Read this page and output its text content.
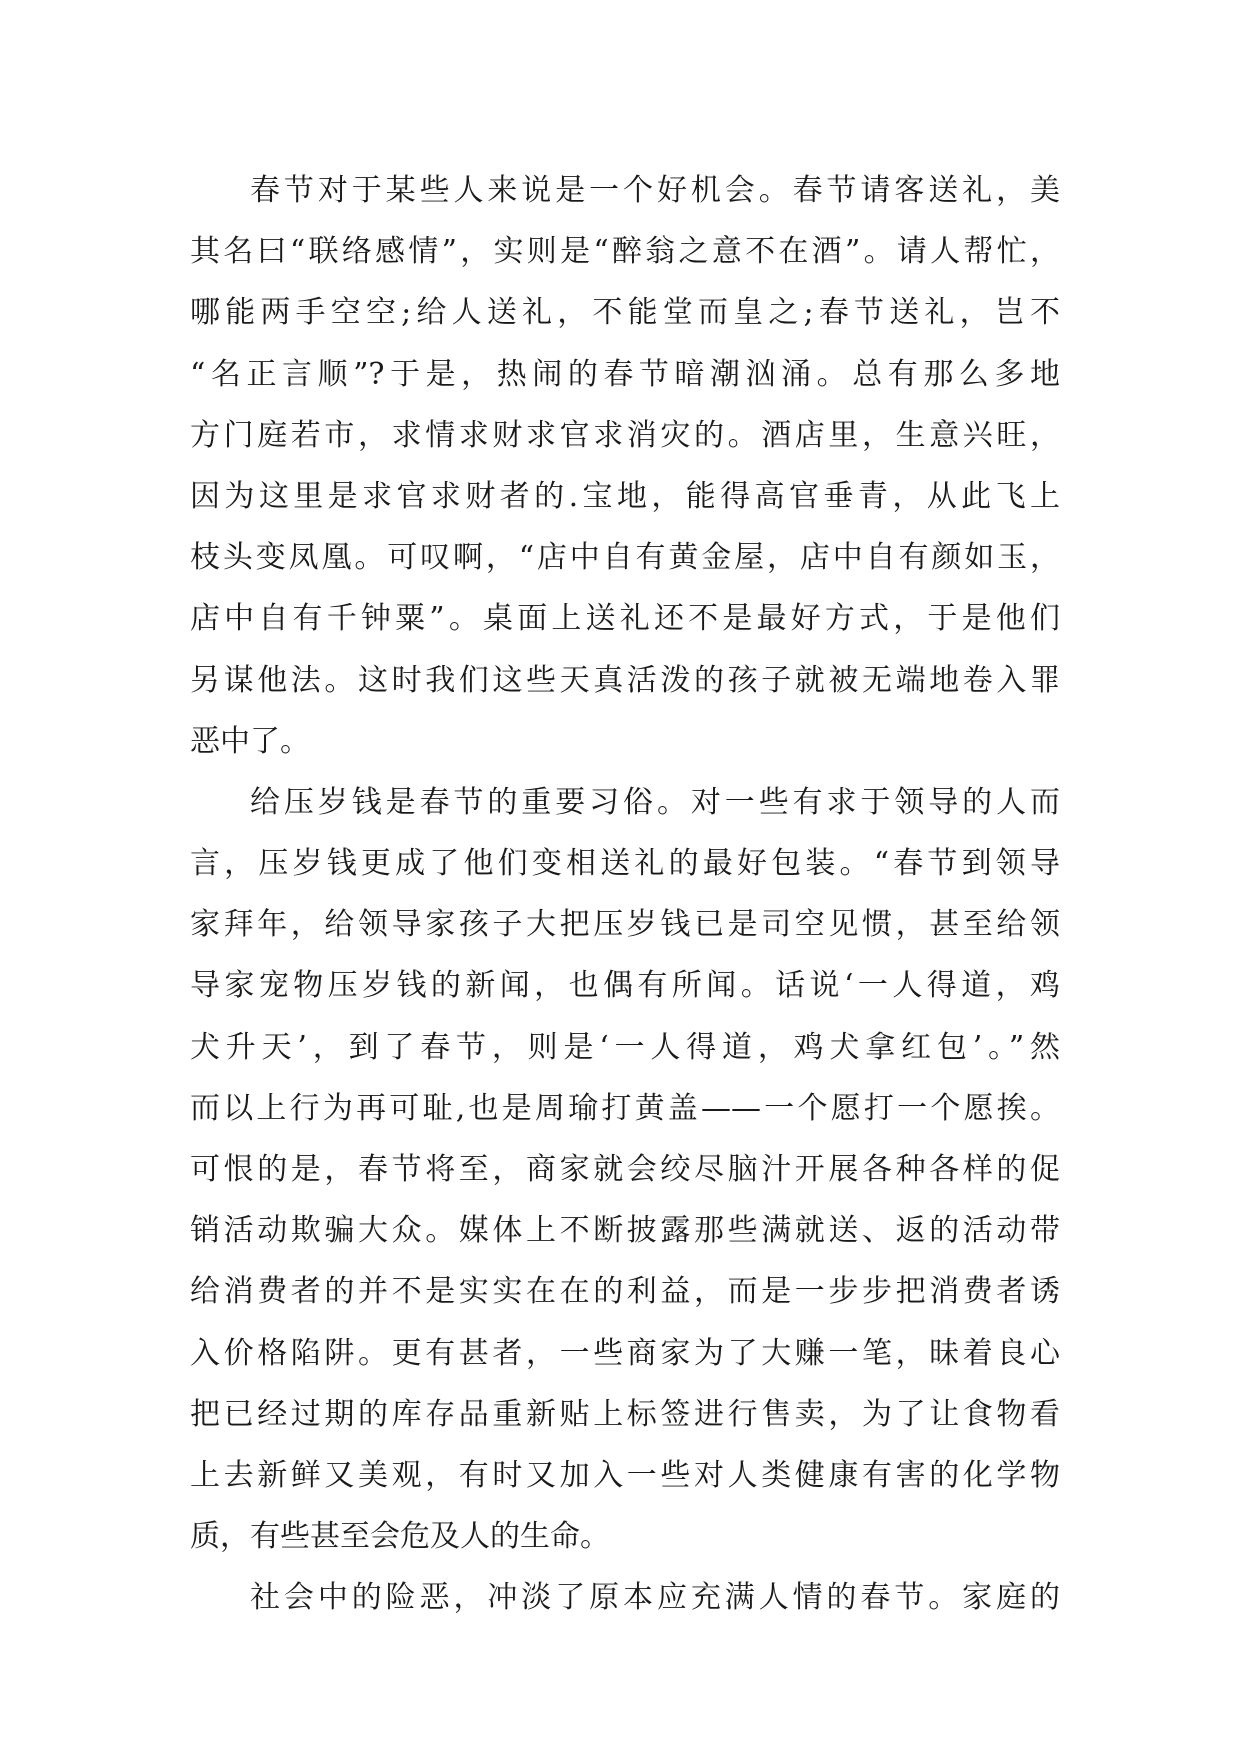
春节对于某些人来说是一个好机会。春节请客送礼，美
其名曰“联络感情”，实则是“醉翁之意不在酒”。请人帮忙，
哪能两手空空;给人送礼，不能堂而皇之;春节送礼，岂不
“名正言顺”?于是，热闹的春节暗潮汹涌。总有那么多地
方门庭若市，求情求财求官求消灾的。酒店里，生意兴旺，
因为这里是求官求财者的.宝地，能得高官垂青，从此飞上
枝头变凤凰。可叹啊，“店中自有黄金屋，店中自有颜如玉，
店中自有千钟粟”。桌面上送礼还不是最好方式，于是他们
另谋他法。这时我们这些天真活泼的孩子就被无端地卷入罪
恶中了。
给压岁钱是春节的重要习俗。对一些有求于领导的人而
言，压岁钱更成了他们变相送礼的最好包装。“春节到领导
家拜年，给领导家孩子大把压岁钱已是司空见惯，甚至给领
导家宠物压岁钱的新闻，也偶有所闻。话说‘一人得道，鸡
犬升天’，到了春节，则是‘一人得道，鸡犬拿红包’。”然
而以上行为再可耻,也是周瑜打黄盖——一个愿打一个愿挨。
可恨的是，春节将至，商家就会绞尽脑汁开展各种各样的促
销活动欺骗大众。媒体上不断披露那些满就送、返的活动带
给消费者的并不是实实在在的利益，而是一步步把消费者诱
入价格陷阱。更有甚者，一些商家为了大赚一笔，昧着良心
把已经过期的库存品重新贴上标签进行售卖，为了让食物看
上去新鲜又美观，有时又加入一些对人类健康有害的化学物
质，有些甚至会危及人的生命。
社会中的险恶，冲淡了原本应充满人情的春节。家庭的
